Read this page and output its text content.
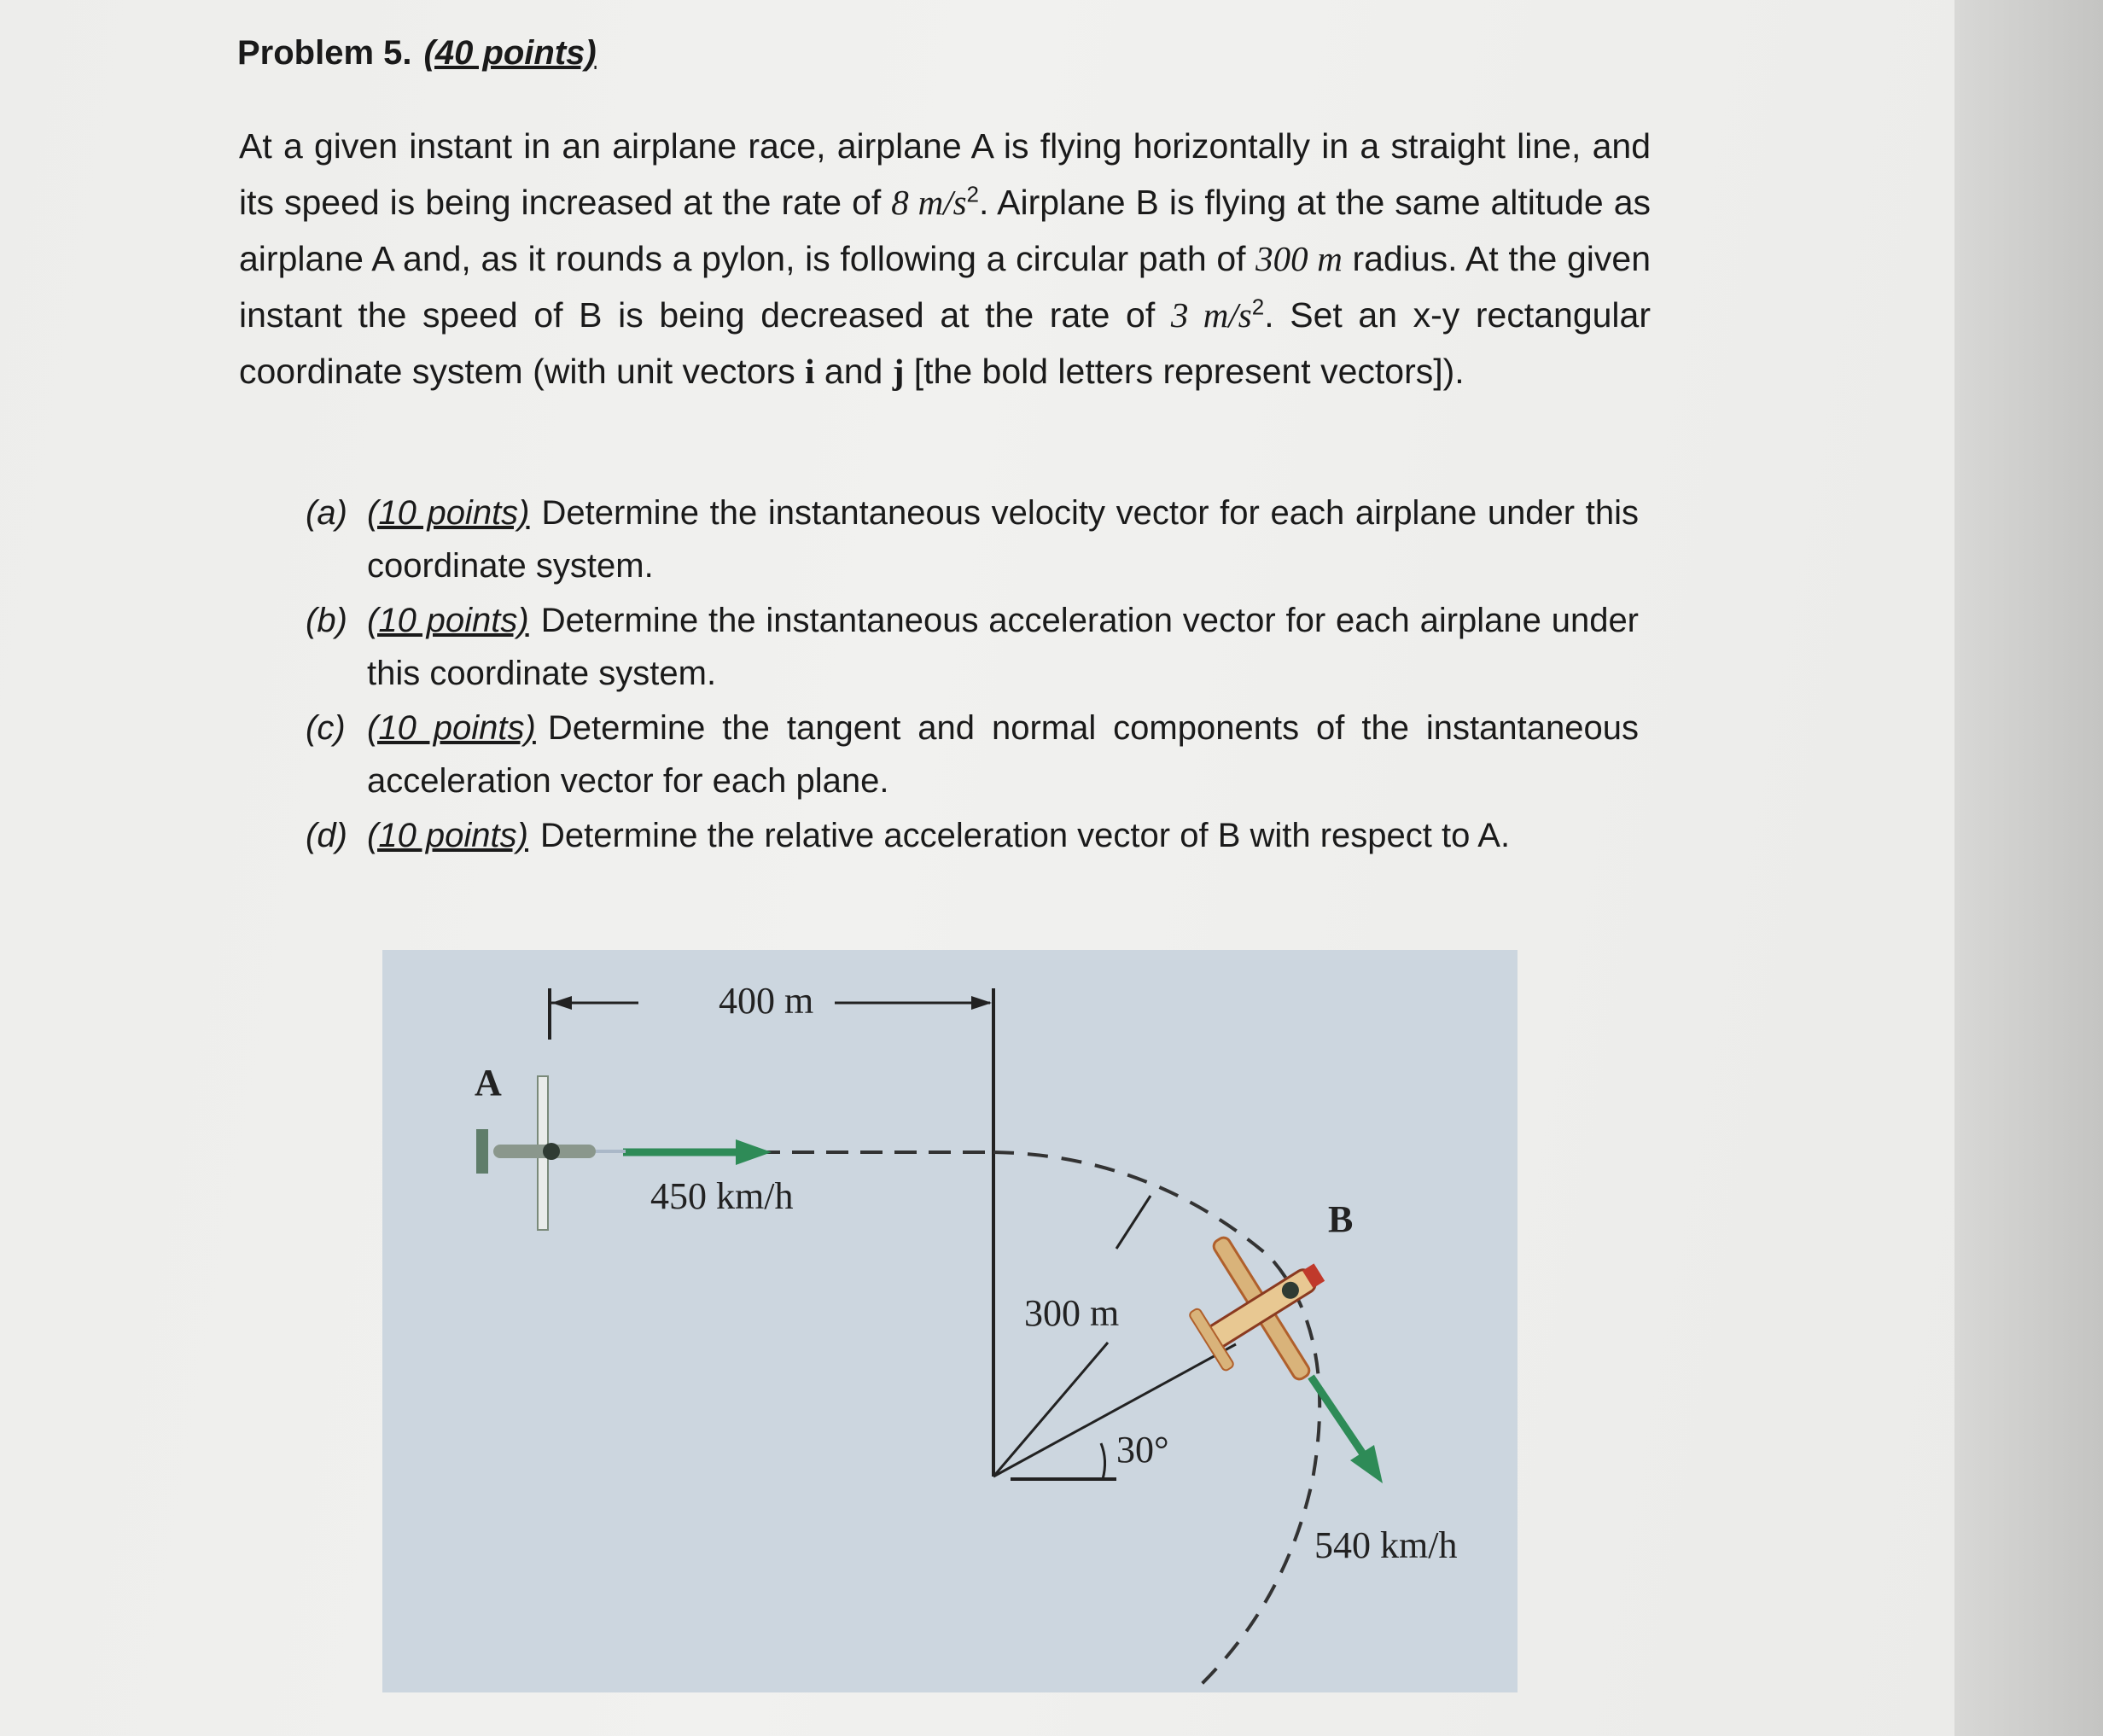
Problem 5. (40 points)
At a given instant in an airplane race, airplane A is flying horizontally in a straight line, and its speed is being increased at the rate of 8 $m/s^2$. Airplane B is flying at the same altitude as airplane A and, as it rounds a pylon, is following a circular path of 300 m radius. At the given instant the speed of B is being decreased at the rate of 3 $m/s^2$. Set an x-y rectangular coordinate system (with unit vectors i and j [the bold letters represent vectors]).
(a) (10 points) Determine the instantaneous velocity vector for each airplane under this coordinate system.
(b) (10 points) Determine the instantaneous acceleration vector for each airplane under this coordinate system.
(c) (10 points) Determine the tangent and normal components of the instantaneous acceleration vector for each plane.
(d) (10 points) Determine the relative acceleration vector of B with respect to A.
400 m
A
B
450 km/h
300 m
30°
540 km/h
